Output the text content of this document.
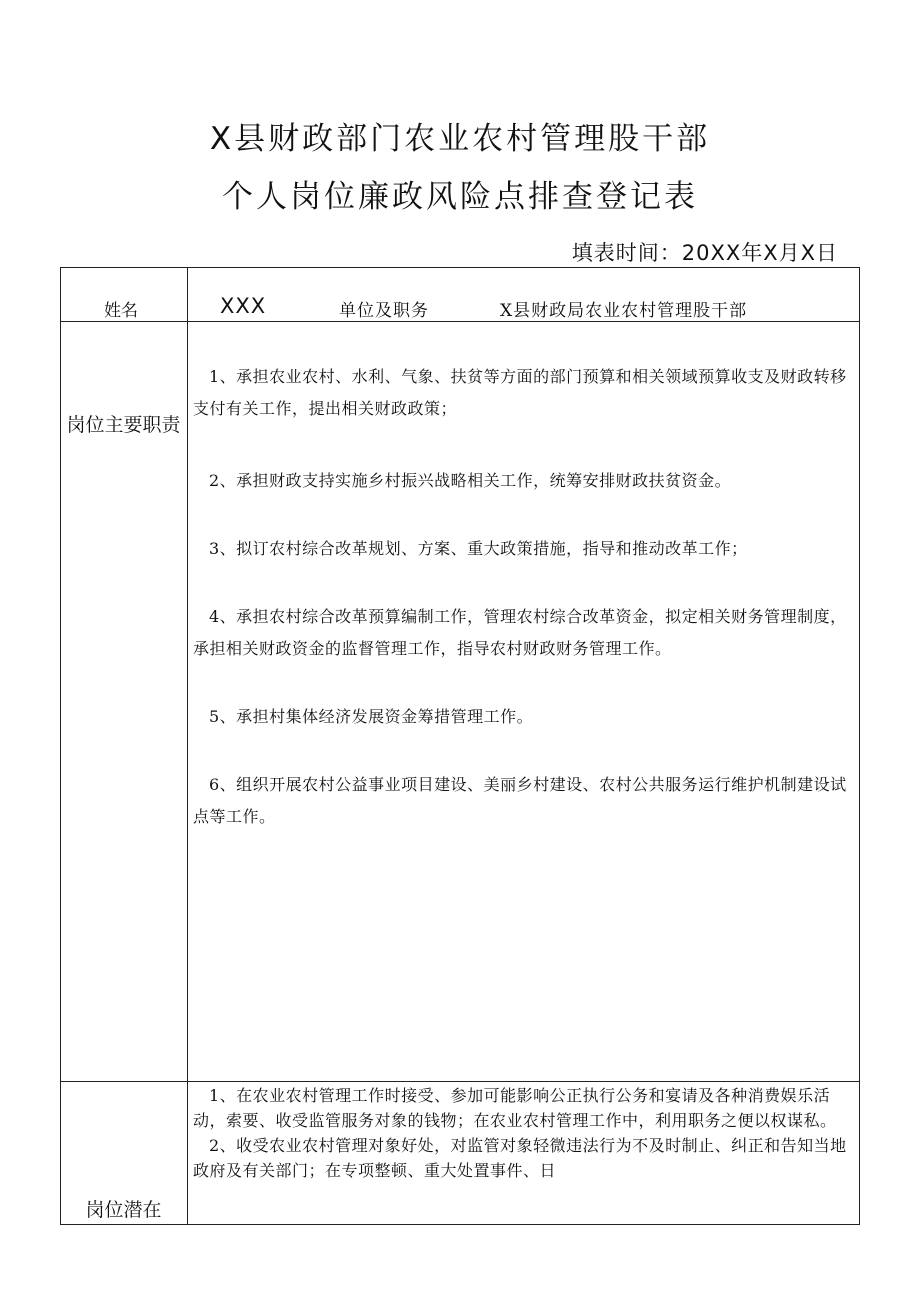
X县财政部门农业农村管理股干部
个人岗位廉政风险点排查登记表
填表时间：20XX年X月X日
姓名	XXX	单位及职务	X县财政局农业农村管理股干部
岗位主要职责

1、承担农业农村、水利、气象、扶贫等方面的部门预算和相关领域预算收支及财政转移支付有关工作，提出相关财政政策；

2、承担财政支持实施乡村振兴战略相关工作，统筹安排财政扶贫资金。

3、拟订农村综合改革规划、方案、重大政策措施，指导和推动改革工作；

4、承担农村综合改革预算编制工作，管理农村综合改革资金，拟定相关财务管理制度，承担相关财政资金的监督管理工作，指导农村财政财务管理工作。

5、承担村集体经济发展资金筹措管理工作。

6、组织开展农村公益事业项目建设、美丽乡村建设、农村公共服务运行维护机制建设试点等工作。

岗位潜在

1、在农业农村管理工作时接受、参加可能影响公正执行公务和宴请及各种消费娱乐活动，索要、收受监管服务对象的钱物；在农业农村管理工作中，利用职务之便以权谋私。

2、收受农业农村管理对象好处，对监管对象轻微违法行为不及时制止、纠正和告知当地政府及有关部门；在专项整顿、重大处置事件、日
